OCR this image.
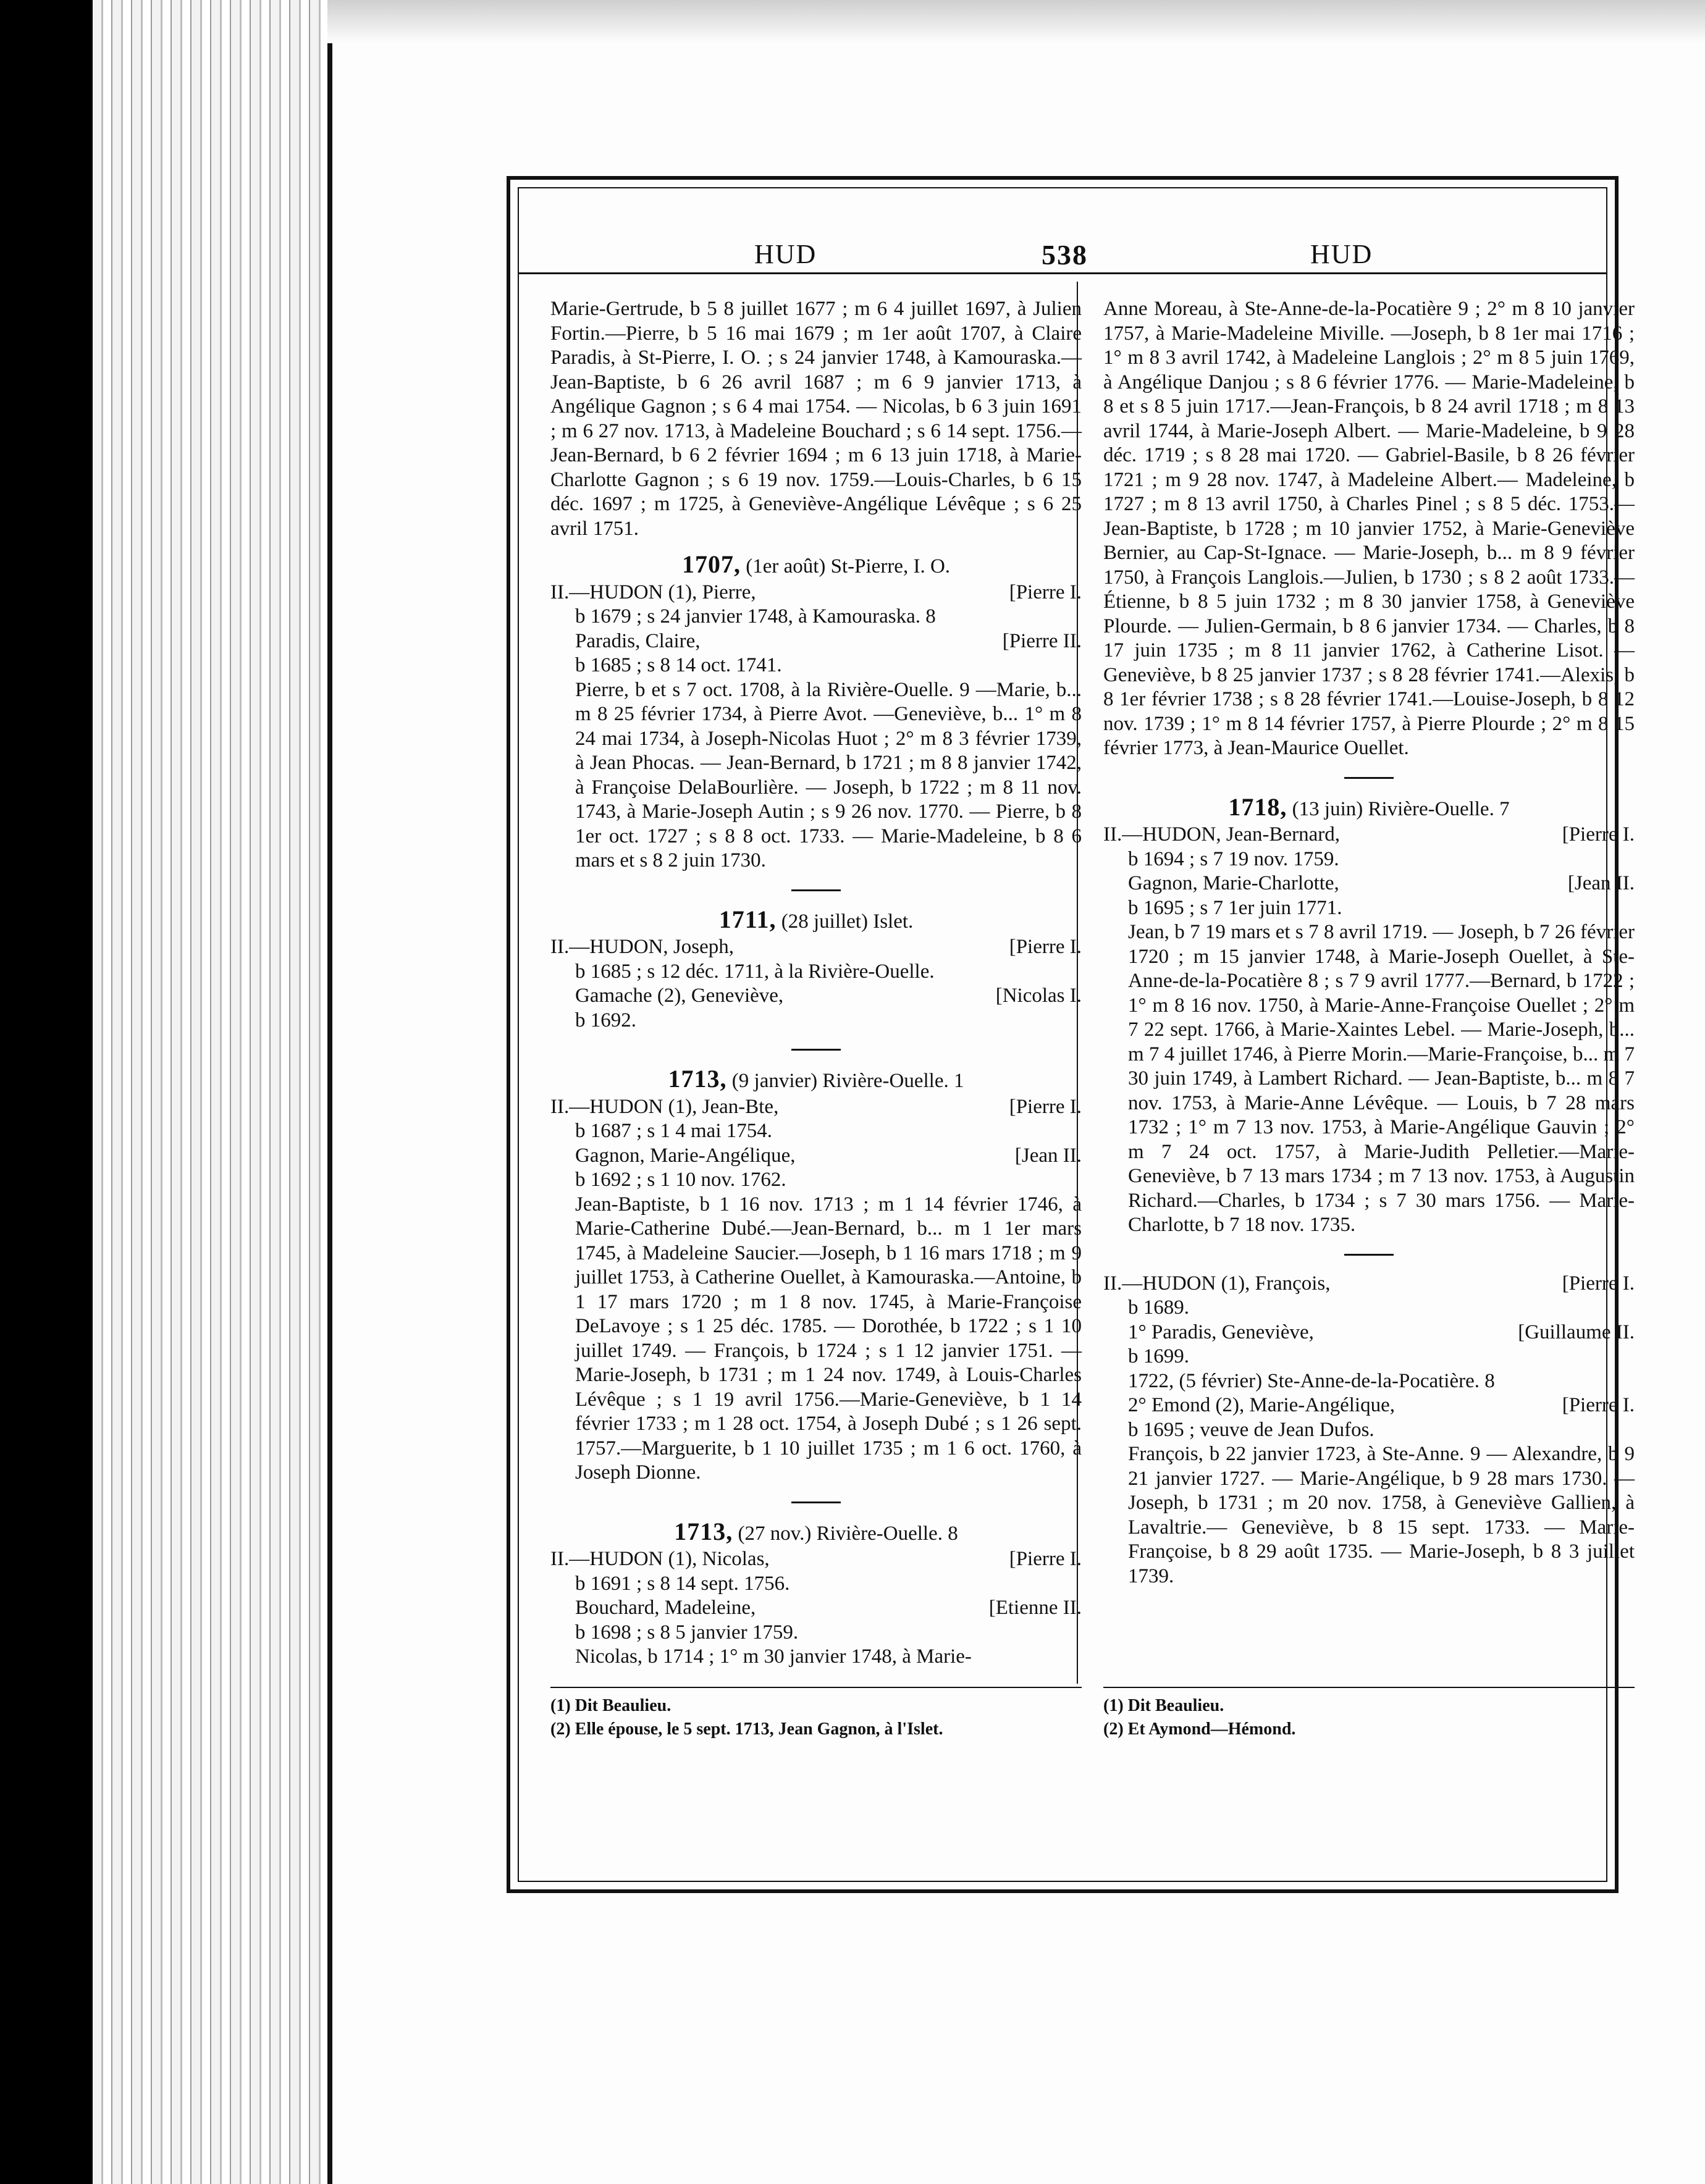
HUD	538	HUD

Marie-Gertrude, b 5 8 juillet 1677 ; m 6 4 juillet 1697, à Julien Fortin.—Pierre, b 5 16 mai 1679 ; m 1er août 1707, à Claire Paradis, à St-Pierre, I. O. ; s 24 janvier 1748, à Kamouraska.—Jean-Baptiste, b 6 26 avril 1687 ; m 6 9 janvier 1713, à Angélique Gagnon ; s 6 4 mai 1754. — Nicolas, b 6 3 juin 1691 ; m 6 27 nov. 1713, à Madeleine Bouchard ; s 6 14 sept. 1756.—Jean-Bernard, b 6 2 février 1694 ; m 6 13 juin 1718, à Marie-Charlotte Gagnon ; s 6 19 nov. 1759.—Louis-Charles, b 6 15 déc. 1697 ; m 1725, à Geneviève-Angélique Lévêque ; s 6 25 avril 1751.

1707, (1er août) St-Pierre, I. O.
II.—HUDON (1), Pierre,	[Pierre I.

b 1679 ; s 24 janvier 1748, à Kamouraska. 8

Paradis, Claire,	[Pierre II.

b 1685 ; s 8 14 oct. 1741.

Pierre, b et s 7 oct. 1708, à la Rivière-Ouelle. 9 —Marie, b... m 8 25 février 1734, à Pierre Avot. —Geneviève, b... 1° m 8 24 mai 1734, à Joseph-Nicolas Huot ; 2° m 8 3 février 1739, à Jean Phocas. — Jean-Bernard, b 1721 ; m 8 8 janvier 1742, à Françoise DelaBourlière. — Joseph, b 1722 ; m 8 11 nov. 1743, à Marie-Joseph Autin ; s 9 26 nov. 1770. — Pierre, b 8 1er oct. 1727 ; s 8 8 oct. 1733. — Marie-Madeleine, b 8 6 mars et s 8 2 juin 1730.

1711, (28 juillet) Islet.
II.—HUDON, Joseph,	[Pierre I.

b 1685 ; s 12 déc. 1711, à la Rivière-Ouelle.

Gamache (2), Geneviève,	[Nicolas I.

b 1692.

1713, (9 janvier) Rivière-Ouelle. 1
II.—HUDON (1), Jean-Bte,	[Pierre I.

b 1687 ; s 1 4 mai 1754.

Gagnon, Marie-Angélique,	[Jean II.

b 1692 ; s 1 10 nov. 1762.

Jean-Baptiste, b 1 16 nov. 1713 ; m 1 14 février 1746, à Marie-Catherine Dubé.—Jean-Bernard, b... m 1 1er mars 1745, à Madeleine Saucier.—Joseph, b 1 16 mars 1718 ; m 9 juillet 1753, à Catherine Ouellet, à Kamouraska.—Antoine, b 1 17 mars 1720 ; m 1 8 nov. 1745, à Marie-Françoise DeLavoye ; s 1 25 déc. 1785. — Dorothée, b 1722 ; s 1 10 juillet 1749. — François, b 1724 ; s 1 12 janvier 1751. — Marie-Joseph, b 1731 ; m 1 24 nov. 1749, à Louis-Charles Lévêque ; s 1 19 avril 1756.—Marie-Geneviève, b 1 14 février 1733 ; m 1 28 oct. 1754, à Joseph Dubé ; s 1 26 sept. 1757.—Marguerite, b 1 10 juillet 1735 ; m 1 6 oct. 1760, à Joseph Dionne.

1713, (27 nov.) Rivière-Ouelle. 8
II.—HUDON (1), Nicolas,	[Pierre I.

b 1691 ; s 8 14 sept. 1756.

Bouchard, Madeleine,	[Etienne II.

b 1698 ; s 8 5 janvier 1759.

Nicolas, b 1714 ; 1° m 30 janvier 1748, à Marie-

Anne Moreau, à Ste-Anne-de-la-Pocatière 9 ; 2° m 8 10 janvier 1757, à Marie-Madeleine Miville. —Joseph, b 8 1er mai 1716 ; 1° m 8 3 avril 1742, à Madeleine Langlois ; 2° m 8 5 juin 1769, à Angélique Danjou ; s 8 6 février 1776. — Marie-Madeleine, b 8 et s 8 5 juin 1717.—Jean-François, b 8 24 avril 1718 ; m 8 13 avril 1744, à Marie-Joseph Albert. — Marie-Madeleine, b 9 28 déc. 1719 ; s 8 28 mai 1720. — Gabriel-Basile, b 8 26 février 1721 ; m 9 28 nov. 1747, à Madeleine Albert.— Madeleine, b 1727 ; m 8 13 avril 1750, à Charles Pinel ; s 8 5 déc. 1753.—Jean-Baptiste, b 1728 ; m 10 janvier 1752, à Marie-Geneviève Bernier, au Cap-St-Ignace. — Marie-Joseph, b... m 8 9 février 1750, à François Langlois.—Julien, b 1730 ; s 8 2 août 1733.—Étienne, b 8 5 juin 1732 ; m 8 30 janvier 1758, à Geneviève Plourde. — Julien-Germain, b 8 6 janvier 1734. — Charles, b 8 17 juin 1735 ; m 8 11 janvier 1762, à Catherine Lisot. — Geneviève, b 8 25 janvier 1737 ; s 8 28 février 1741.—Alexis, b 8 1er février 1738 ; s 8 28 février 1741.—Louise-Joseph, b 8 12 nov. 1739 ; 1° m 8 14 février 1757, à Pierre Plourde ; 2° m 8 15 février 1773, à Jean-Maurice Ouellet.

1718, (13 juin) Rivière-Ouelle. 7
II.—HUDON, Jean-Bernard,	[Pierre I.

b 1694 ; s 7 19 nov. 1759.

Gagnon, Marie-Charlotte,	[Jean II.

b 1695 ; s 7 1er juin 1771.

Jean, b 7 19 mars et s 7 8 avril 1719. — Joseph, b 7 26 février 1720 ; m 15 janvier 1748, à Marie-Joseph Ouellet, à Ste-Anne-de-la-Pocatière 8 ; s 7 9 avril 1777.—Bernard, b 1722 ; 1° m 8 16 nov. 1750, à Marie-Anne-Françoise Ouellet ; 2° m 7 22 sept. 1766, à Marie-Xaintes Lebel. — Marie-Joseph, b... m 7 4 juillet 1746, à Pierre Morin.—Marie-Françoise, b... m 7 30 juin 1749, à Lambert Richard. — Jean-Baptiste, b... m 8 7 nov. 1753, à Marie-Anne Lévêque. — Louis, b 7 28 mars 1732 ; 1° m 7 13 nov. 1753, à Marie-Angélique Gauvin ; 2° m 7 24 oct. 1757, à Marie-Judith Pelletier.—Marie-Geneviève, b 7 13 mars 1734 ; m 7 13 nov. 1753, à Augustin Richard.—Charles, b 1734 ; s 7 30 mars 1756. — Marie-Charlotte, b 7 18 nov. 1735.

II.—HUDON (1), François,	[Pierre I.

b 1689.

1° Paradis, Geneviève,	[Guillaume II.

b 1699.

1722, (5 février) Ste-Anne-de-la-Pocatière. 8

2° Emond (2), Marie-Angélique,	[Pierre I.

b 1695 ; veuve de Jean Dufos.

François, b 22 janvier 1723, à Ste-Anne. 9 — Alexandre, b 9 21 janvier 1727. — Marie-Angélique, b 9 28 mars 1730. — Joseph, b 1731 ; m 20 nov. 1758, à Geneviève Gallien, à Lavaltrie.— Geneviève, b 8 15 sept. 1733. — Marie-Françoise, b 8 29 août 1735. — Marie-Joseph, b 8 3 juillet 1739.

(1) Dit Beaulieu.

(2) Elle épouse, le 5 sept. 1713, Jean Gagnon, à l'Islet.

(1) Dit Beaulieu.

(2) Et Aymond—Hémond.
